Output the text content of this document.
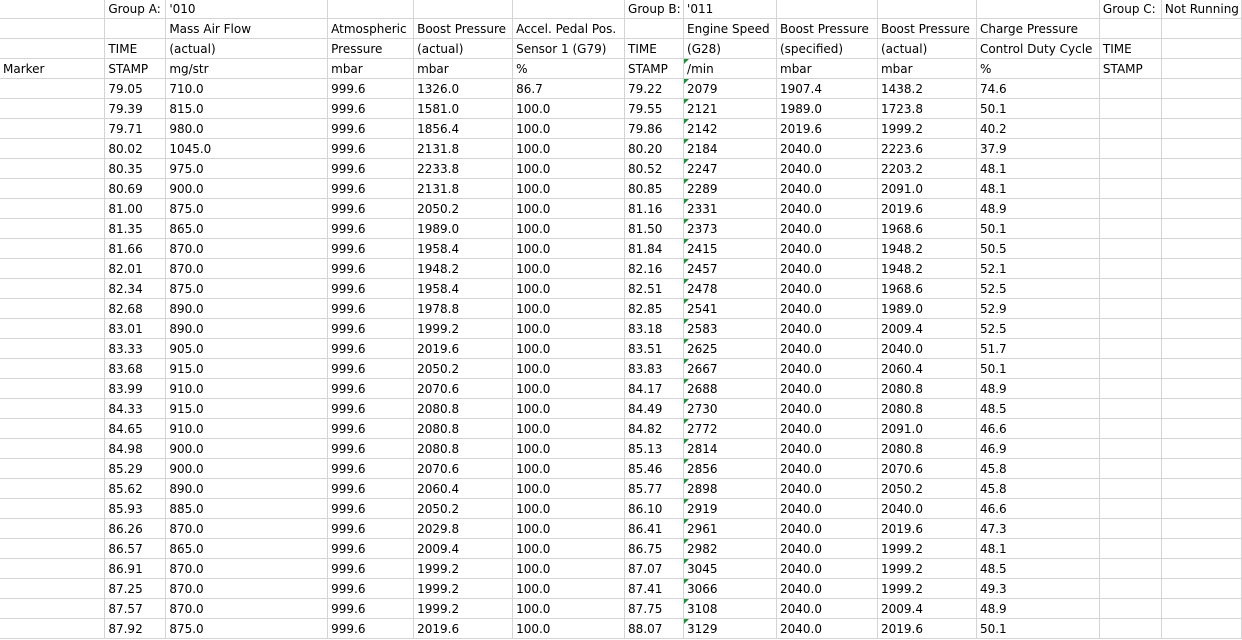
	Group A:	'010				Group B:	'011				Group C:	Not Running
		Mass Air Flow	Atmospheric	Boost Pressure	Accel. Pedal Pos.		Engine Speed	Boost Pressure	Boost Pressure	Charge Pressure		
	TIME	(actual)	Pressure	(actual)	Sensor 1 (G79)	TIME	(G28)	(specified)	(actual)	Control Duty Cycle	TIME	
Marker	STAMP	mg/str	mbar	mbar	%	STAMP	/min	mbar	mbar	%	STAMP	
	79.05	710.0	999.6	1326.0	86.7	79.22	2079	1907.4	1438.2	74.6		
	79.39	815.0	999.6	1581.0	100.0	79.55	2121	1989.0	1723.8	50.1		
	79.71	980.0	999.6	1856.4	100.0	79.86	2142	2019.6	1999.2	40.2		
	80.02	1045.0	999.6	2131.8	100.0	80.20	2184	2040.0	2223.6	37.9		
	80.35	975.0	999.6	2233.8	100.0	80.52	2247	2040.0	2203.2	48.1		
	80.69	900.0	999.6	2131.8	100.0	80.85	2289	2040.0	2091.0	48.1		
	81.00	875.0	999.6	2050.2	100.0	81.16	2331	2040.0	2019.6	48.9		
	81.35	865.0	999.6	1989.0	100.0	81.50	2373	2040.0	1968.6	50.1		
	81.66	870.0	999.6	1958.4	100.0	81.84	2415	2040.0	1948.2	50.5		
	82.01	870.0	999.6	1948.2	100.0	82.16	2457	2040.0	1948.2	52.1		
	82.34	875.0	999.6	1958.4	100.0	82.51	2478	2040.0	1968.6	52.5		
	82.68	890.0	999.6	1978.8	100.0	82.85	2541	2040.0	1989.0	52.9		
	83.01	890.0	999.6	1999.2	100.0	83.18	2583	2040.0	2009.4	52.5		
	83.33	905.0	999.6	2019.6	100.0	83.51	2625	2040.0	2040.0	51.7		
	83.68	915.0	999.6	2050.2	100.0	83.83	2667	2040.0	2060.4	50.1		
	83.99	910.0	999.6	2070.6	100.0	84.17	2688	2040.0	2080.8	48.9		
	84.33	915.0	999.6	2080.8	100.0	84.49	2730	2040.0	2080.8	48.5		
	84.65	910.0	999.6	2080.8	100.0	84.82	2772	2040.0	2091.0	46.6		
	84.98	900.0	999.6	2080.8	100.0	85.13	2814	2040.0	2080.8	46.9		
	85.29	900.0	999.6	2070.6	100.0	85.46	2856	2040.0	2070.6	45.8		
	85.62	890.0	999.6	2060.4	100.0	85.77	2898	2040.0	2050.2	45.8		
	85.93	885.0	999.6	2050.2	100.0	86.10	2919	2040.0	2040.0	46.6		
	86.26	870.0	999.6	2029.8	100.0	86.41	2961	2040.0	2019.6	47.3		
	86.57	865.0	999.6	2009.4	100.0	86.75	2982	2040.0	1999.2	48.1		
	86.91	870.0	999.6	1999.2	100.0	87.07	3045	2040.0	1999.2	48.5		
	87.25	870.0	999.6	1999.2	100.0	87.41	3066	2040.0	1999.2	49.3		
	87.57	870.0	999.6	1999.2	100.0	87.75	3108	2040.0	2009.4	48.9		
	87.92	875.0	999.6	2019.6	100.0	88.07	3129	2040.0	2019.6	50.1		
